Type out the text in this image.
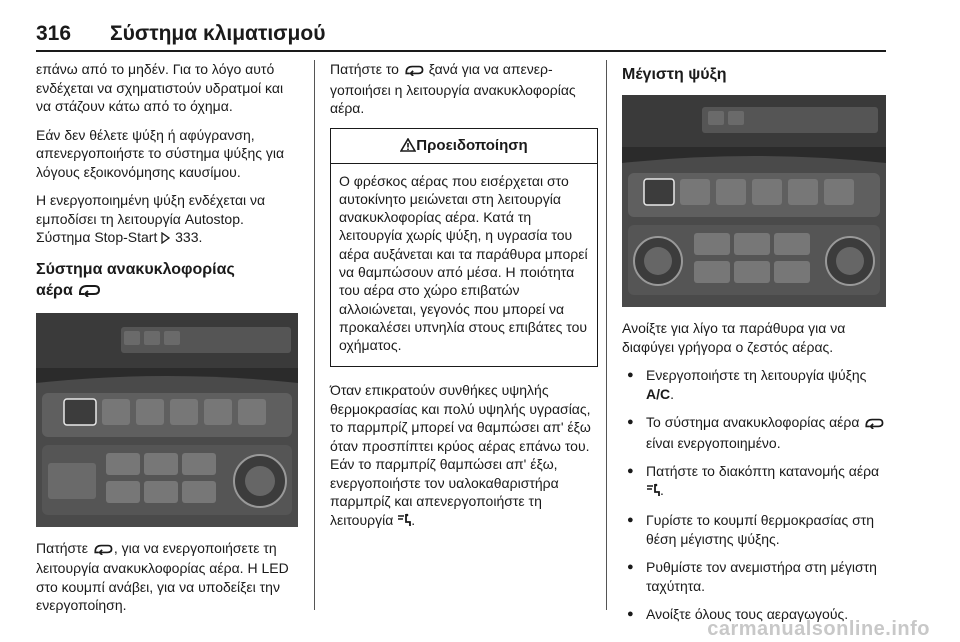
316 Σύστημα κλιματισμού

επάνω από το μηδέν. Για το λόγο αυτό ενδέχεται να σχηματιστούν υδρατμοί και να στάζουν κάτω από το όχημα.

Εάν δεν θέλετε ψύξη ή αφύγρανση, απενεργοποιήστε το σύστημα ψύξης για λόγους εξοικονόμησης καυσίμου.

Η ενεργοποιημένη ψύξη ενδέχεται να εμποδίσει τη λειτουργία Autostop. Σύστημα Stop-Start 333.

Σύστημα ανακυκλοφορίας
αέρα

Πατήστε , για να ενεργοποιήσετε τη λειτουργία ανακυκλοφορίας αέρα. Η LED στο κουμπί ανάβει, για να υποδείξει την ενεργοποίηση.

Πατήστε το ξανά για να απενεργοποιήσει η λειτουργία ανακυκλοφορίας αέρα.

Προειδοποίηση

Ο φρέσκος αέρας που εισέρχεται στο αυτοκίνητο μειώνεται στη λειτουργία ανακυκλοφορίας αέρα. Κατά τη λειτουργία χωρίς ψύξη, η υγρασία του αέρα αυξάνεται και τα παράθυρα μπορεί να θαμπώσουν από μέσα. Η ποιότητα του αέρα στο χώρο επιβατών αλλοιώνεται, γεγονός που μπορεί να προκαλέσει υπνηλία στους επιβάτες του οχήματος.

Όταν επικρατούν συνθήκες υψηλής θερμοκρασίας και πολύ υψηλής υγρασίας, το παρμπρίζ μπορεί να θαμπώσει απ' έξω όταν προσπίπτει κρύος αέρας επάνω του. Εάν το παρμπρίζ θαμπώσει απ' έξω, ενεργοποιήστε τον υαλοκαθαριστήρα παρμπρίζ και απενεργοποιήστε τη λειτουργία .

Μέγιστη ψύξη

Ανοίξτε για λίγο τα παράθυρα για να διαφύγει γρήγορα ο ζεστός αέρας.

● Ενεργοποιήστε τη λειτουργία ψύξης A/C.
● Το σύστημα ανακυκλοφορίας αέρα  είναι ενεργοποιημένο.
● Πατήστε το διακόπτη κατανομής αέρα .
● Γυρίστε το κουμπί θερμοκρασίας στη θέση μέγιστης ψύξης.
● Ρυθμίστε τον ανεμιστήρα στη μέγιστη ταχύτητα.
● Ανοίξτε όλους τους αεραγωγούς.
carmanualsonline.info
